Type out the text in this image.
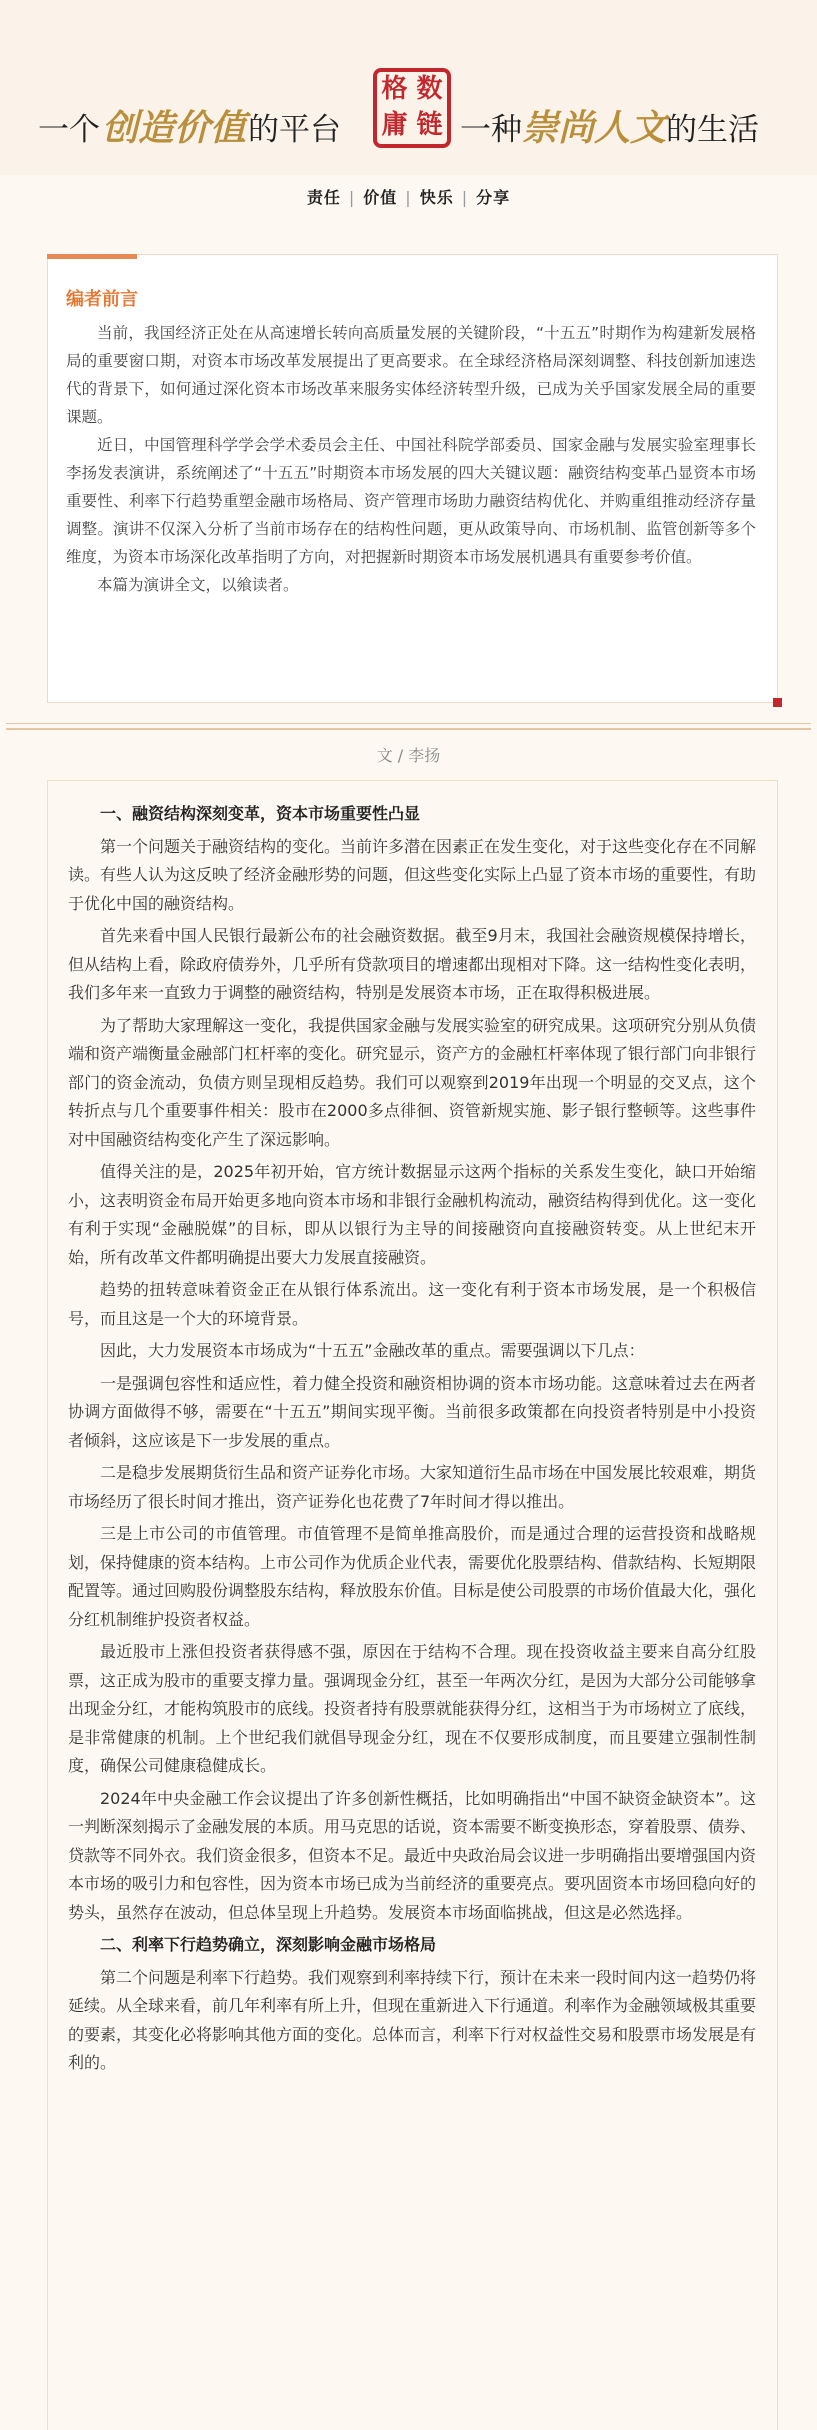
一个创造价值的平台
格 数
庸 链 一种崇尚人文的生活
责任 | 价值 | 快乐 | 分享
编者前言

当前，我国经济正处在从高速增长转向高质量发展的关键阶段，“十五五”时期作为构建新发展格局的重要窗口期，对资本市场改革发展提出了更高要求。在全球经济格局深刻调整、科技创新加速迭代的背景下，如何通过深化资本市场改革来服务实体经济转型升级，已成为关乎国家发展全局的重要课题。

近日，中国管理科学学会学术委员会主任、中国社科院学部委员、国家金融与发展实验室理事长李扬发表演讲，系统阐述了“十五五”时期资本市场发展的四大关键议题：融资结构变革凸显资本市场重要性、利率下行趋势重塑金融市场格局、资产管理市场助力融资结构优化、并购重组推动经济存量调整。演讲不仅深入分析了当前市场存在的结构性问题，更从政策导向、市场机制、监管创新等多个维度，为资本市场深化改革指明了方向，对把握新时期资本市场发展机遇具有重要参考价值。

本篇为演讲全文，以飨读者。

文 / 李扬
一、融资结构深刻变革，资本市场重要性凸显

第一个问题关于融资结构的变化。当前许多潜在因素正在发生变化，对于这些变化存在不同解读。有些人认为这反映了经济金融形势的问题，但这些变化实际上凸显了资本市场的重要性，有助于优化中国的融资结构。

首先来看中国人民银行最新公布的社会融资数据。截至9月末，我国社会融资规模保持增长，但从结构上看，除政府债券外，几乎所有贷款项目的增速都出现相对下降。这一结构性变化表明，我们多年来一直致力于调整的融资结构，特别是发展资本市场，正在取得积极进展。

为了帮助大家理解这一变化，我提供国家金融与发展实验室的研究成果。这项研究分别从负债端和资产端衡量金融部门杠杆率的变化。研究显示，资产方的金融杠杆率体现了银行部门向非银行部门的资金流动，负债方则呈现相反趋势。我们可以观察到2019年出现一个明显的交叉点，这个转折点与几个重要事件相关：股市在2000多点徘徊、资管新规实施、影子银行整顿等。这些事件对中国融资结构变化产生了深远影响。

值得关注的是，2025年初开始，官方统计数据显示这两个指标的关系发生变化，缺口开始缩小，这表明资金布局开始更多地向资本市场和非银行金融机构流动，融资结构得到优化。这一变化有利于实现“金融脱媒”的目标，即从以银行为主导的间接融资向直接融资转变。从上世纪末开始，所有改革文件都明确提出要大力发展直接融资。

趋势的扭转意味着资金正在从银行体系流出。这一变化有利于资本市场发展，是一个积极信号，而且这是一个大的环境背景。

因此，大力发展资本市场成为“十五五”金融改革的重点。需要强调以下几点：

一是强调包容性和适应性，着力健全投资和融资相协调的资本市场功能。这意味着过去在两者协调方面做得不够，需要在“十五五”期间实现平衡。当前很多政策都在向投资者特别是中小投资者倾斜，这应该是下一步发展的重点。

二是稳步发展期货衍生品和资产证券化市场。大家知道衍生品市场在中国发展比较艰难，期货市场经历了很长时间才推出，资产证券化也花费了7年时间才得以推出。

三是上市公司的市值管理。市值管理不是简单推高股价，而是通过合理的运营投资和战略规划，保持健康的资本结构。上市公司作为优质企业代表，需要优化股票结构、借款结构、长短期限配置等。通过回购股份调整股东结构，释放股东价值。目标是使公司股票的市场价值最大化，强化分红机制维护投资者权益。

最近股市上涨但投资者获得感不强，原因在于结构不合理。现在投资收益主要来自高分红股票，这正成为股市的重要支撑力量。强调现金分红，甚至一年两次分红，是因为大部分公司能够拿出现金分红，才能构筑股市的底线。投资者持有股票就能获得分红，这相当于为市场树立了底线，是非常健康的机制。上个世纪我们就倡导现金分红，现在不仅要形成制度，而且要建立强制性制度，确保公司健康稳健成长。

2024年中央金融工作会议提出了许多创新性概括，比如明确指出“中国不缺资金缺资本”。这一判断深刻揭示了金融发展的本质。用马克思的话说，资本需要不断变换形态，穿着股票、债券、贷款等不同外衣。我们资金很多，但资本不足。最近中央政治局会议进一步明确指出要增强国内资本市场的吸引力和包容性，因为资本市场已成为当前经济的重要亮点。要巩固资本市场回稳向好的势头，虽然存在波动，但总体呈现上升趋势。发展资本市场面临挑战，但这是必然选择。

二、利率下行趋势确立，深刻影响金融市场格局

第二个问题是利率下行趋势。我们观察到利率持续下行，预计在未来一段时间内这一趋势仍将延续。从全球来看，前几年利率有所上升，但现在重新进入下行通道。利率作为金融领域极其重要的要素，其变化必将影响其他方面的变化。总体而言，利率下行对权益性交易和股票市场发展是有利的。
